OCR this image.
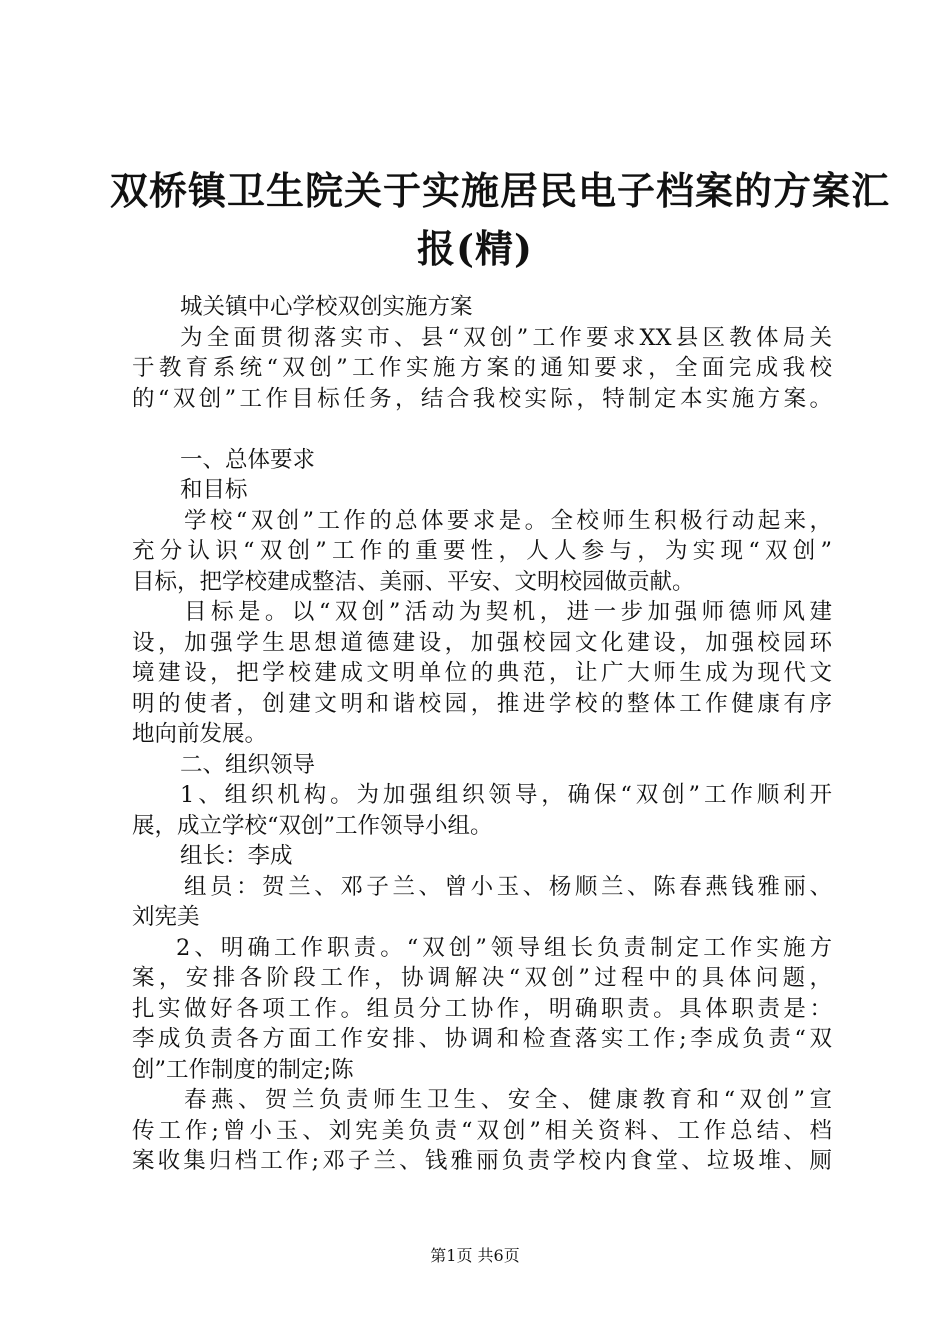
双桥镇卫生院关于实施居民电子档案的方案汇
报(精)
城关镇中心学校双创实施方案
为全面贯彻落实市、县“双创”工作要求XX县区教体局关
于教育系统“双创”工作实施方案的通知要求，全面完成我校
的“双创”工作目标任务，结合我校实际，特制定本实施方案。
一、总体要求
和目标
学校“双创”工作的总体要求是。全校师生积极行动起来，
充分认识“双创”工作的重要性，人人参与，为实现“双创”
目标，把学校建成整洁、美丽、平安、文明校园做贡献。
目标是。以“双创”活动为契机，进一步加强师德师风建
设，加强学生思想道德建设，加强校园文化建设，加强校园环
境建设，把学校建成文明单位的典范，让广大师生成为现代文
明的使者，创建文明和谐校园，推进学校的整体工作健康有序
地向前发展。
二、组织领导
1、组织机构。为加强组织领导，确保“双创”工作顺利开
展，成立学校“双创”工作领导小组。
组长：李成
组员：贺兰、邓子兰、曾小玉、杨顺兰、陈春燕钱雅丽、
刘宪美
2、明确工作职责。“双创”领导组长负责制定工作实施方
案，安排各阶段工作，协调解决“双创”过程中的具体问题，
扎实做好各项工作。组员分工协作，明确职责。具体职责是：
李成负责各方面工作安排、协调和检查落实工作;李成负责“双
创”工作制度的制定;陈
春燕、贺兰负责师生卫生、安全、健康教育和“双创”宣
传工作;曾小玉、刘宪美负责“双创”相关资料、工作总结、档
案收集归档工作;邓子兰、钱雅丽负责学校内食堂、垃圾堆、厕
第1页 共6页
